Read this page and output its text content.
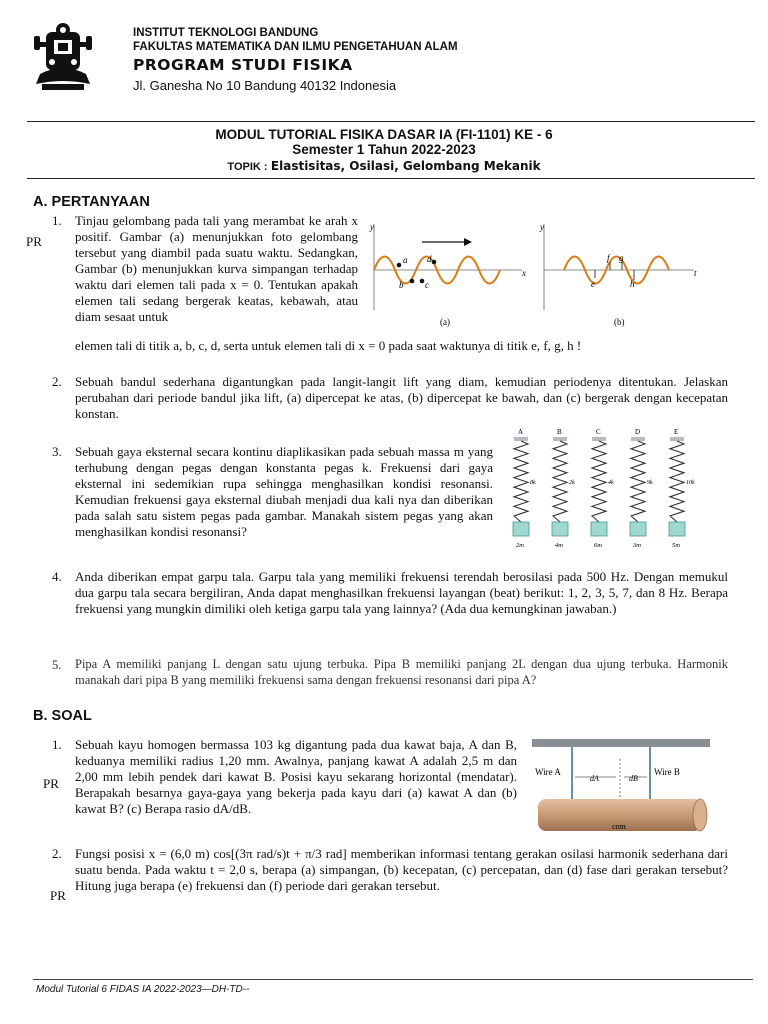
INSTITUT TEKNOLOGI BANDUNG
FAKULTAS MATEMATIKA DAN ILMU PENGETAHUAN ALAM
PROGRAM STUDI FISIKA
Jl. Ganesha No 10 Bandung 40132 Indonesia
MODUL TUTORIAL FISIKA DASAR IA (FI-1101) KE - 6
Semester 1 Tahun 2022-2023
TOPIK : Elastisitas, Osilasi, Gelombang Mekanik
A. PERTANYAAN
1.
PR
Tinjau gelombang pada tali yang merambat ke arah x positif. Gambar (a) menunjukkan foto gelombang tersebut yang diambil pada suatu waktu. Sedangkan, Gambar (b) menunjukkan kurva simpangan terhadap waktu dari elemen tali pada x = 0. Tentukan apakah elemen tali sedang bergerak keatas, kebawah, atau diam sesaat untuk
elemen tali di titik a, b, c, d, serta untuk elemen tali di x = 0 pada saat waktunya di titik e, f, g, h !
y
x
a
b c
d
(a)
y
t
e
f g
h
(b)
2. Sebuah bandul sederhana digantungkan pada langit-langit lift yang diam, kemudian periodenya ditentukan. Jelaskan perubahan dari periode bandul jika lift, (a) dipercepat ke atas, (b) dipercepat ke bawah, dan (c) bergerak dengan kecepatan konstan.
3. Sebuah gaya eksternal secara kontinu diaplikasikan pada sebuah massa m yang terhubung dengan pegas dengan konstanta pegas k. Frekuensi dari gaya eksternal ini sedemikian rupa sehingga menghasilkan kondisi resonansi. Kemudian frekuensi gaya eksternal diubah menjadi dua kali nya dan diberikan pada salah satu sistem pegas pada gambar. Manakah sistem pegas yang akan menghasilkan kondisi resonansi?
A
8k
2m
B
2k
4m
C
4k
6m
D
9k
3m
E
10k
5m
4. Anda diberikan empat garpu tala. Garpu tala yang memiliki frekuensi terendah berosilasi pada 500 Hz. Dengan memukul dua garpu tala secara bergiliran, Anda dapat menghasilkan frekuensi layangan (beat) berikut: 1, 2, 3, 5, 7, dan 8 Hz. Berapa frekuensi yang mungkin dimiliki oleh ketiga garpu tala yang lainnya? (Ada dua kemungkinan jawaban.)
5. Pipa A memiliki panjang L dengan satu ujung terbuka. Pipa B memiliki panjang 2L dengan dua ujung terbuka. Harmonik manakah dari pipa B yang memiliki frekuensi sama dengan frekuensi resonansi dari pipa A?
B. SOAL
1.
PR
Sebuah kayu homogen bermassa 103 kg digantung pada dua kawat baja, A dan B, keduanya memiliki radius 1,20 mm. Awalnya, panjang kawat A adalah 2,5 m dan 2,00 mm lebih pendek dari kawat B. Posisi kayu sekarang horizontal (mendatar). Berapakah besarnya gaya-gaya yang bekerja pada kayu dari (a) kawat A dan (b) kawat B? (c) Berapa rasio dA/dB.
Wire A	Wire B
dA	dB
com
2.
PR
Fungsi posisi x = (6,0 m) cos[(3π rad/s)t + π/3 rad] memberikan informasi tentang gerakan osilasi harmonik sederhana dari suatu benda. Pada waktu t = 2,0 s, berapa (a) simpangan, (b) kecepatan, (c) percepatan, dan (d) fase dari gerakan tersebut? Hitung juga berapa (e) frekuensi dan (f) periode dari gerakan tersebut.
Modul Tutorial 6 FIDAS IA 2022-2023—DH-TD--
